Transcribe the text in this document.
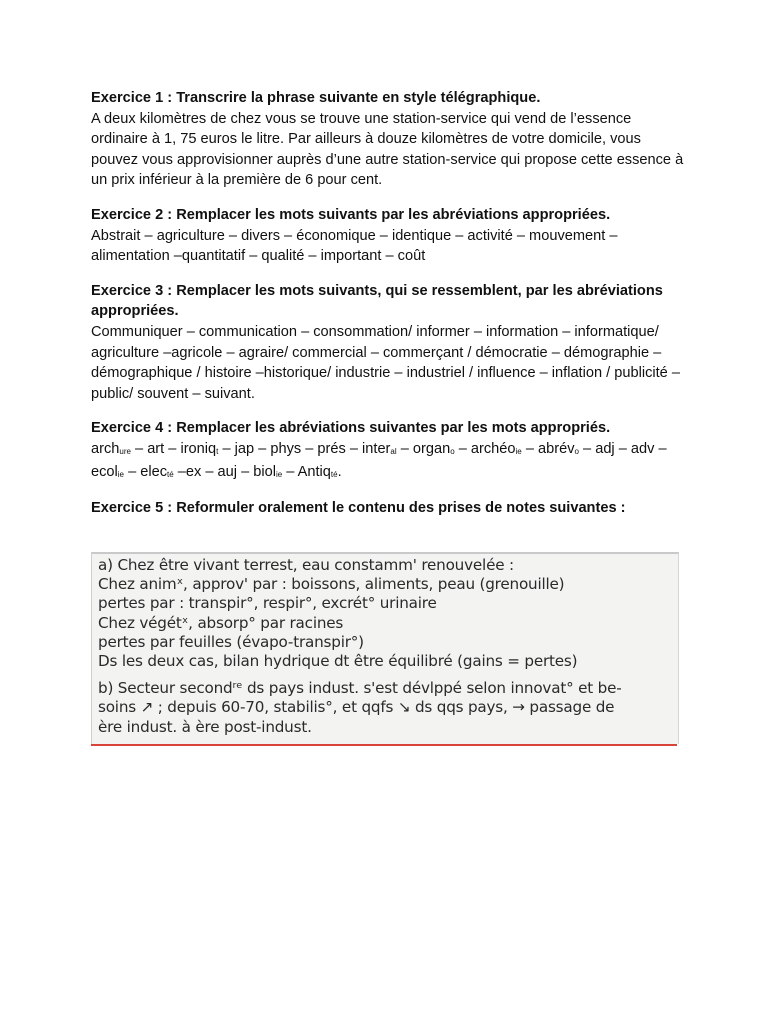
Exercice 1 : Transcrire la phrase suivante en style télégraphique.

A deux kilomètres de chez vous se trouve une station-service qui vend de l’essence ordinaire à 1, 75 euros le litre. Par ailleurs à douze kilomètres de votre domicile, vous pouvez vous approvisionner auprès d’une autre station-service qui propose cette essence à un prix inférieur à la première de 6 pour cent.

Exercice 2 : Remplacer les mots suivants par les abréviations appropriées.

Abstrait – agriculture – divers – économique – identique – activité – mouvement – alimentation –quantitatif – qualité – important – coût

Exercice 3 : Remplacer les mots suivants, qui se ressemblent, par les abréviations appropriées.

Communiquer – communication – consommation/ informer – information – informatique/ agriculture –agricole – agraire/ commercial – commerçant / démocratie – démographie – démographique / histoire –historique/ industrie – industriel / influence – inflation / publicité – public/ souvent – suivant.

Exercice 4 : Remplacer les abréviations suivantes par les mots appropriés.

arch$_{ure}$ – art – ironiq$_t$ – jap – phys – prés – inter$_{al}$ – organ$_o$ – archéo$_{ie}$ – abrév$_o$ – adj – adv – ecol$_{ie}$ – elec$_{té}$ –ex – auj – biol$_{ie}$ – Antiq$_{té}$.

Exercice 5 : Reformuler oralement le contenu des prises de notes suivantes :

a) Chez être vivant terrest, eau constamm' renouvelée :
Chez animˣ, approv' par : boissons, aliments, peau (grenouille)
pertes par : transpir°, respir°, excrét° urinaire
Chez végétˣ, absorp° par racines
pertes par feuilles (évapo-transpir°)
Ds les deux cas, bilan hydrique dt être équilibré (gains = pertes)
b) Secteur secondʳᵉ ds pays indust. s'est dévlppé selon innovat° et be-
soins ↗ ; depuis 60-70, stabilis°, et qqfs ↘ ds qqs pays, → passage de
ère indust. à ère post-indust.
